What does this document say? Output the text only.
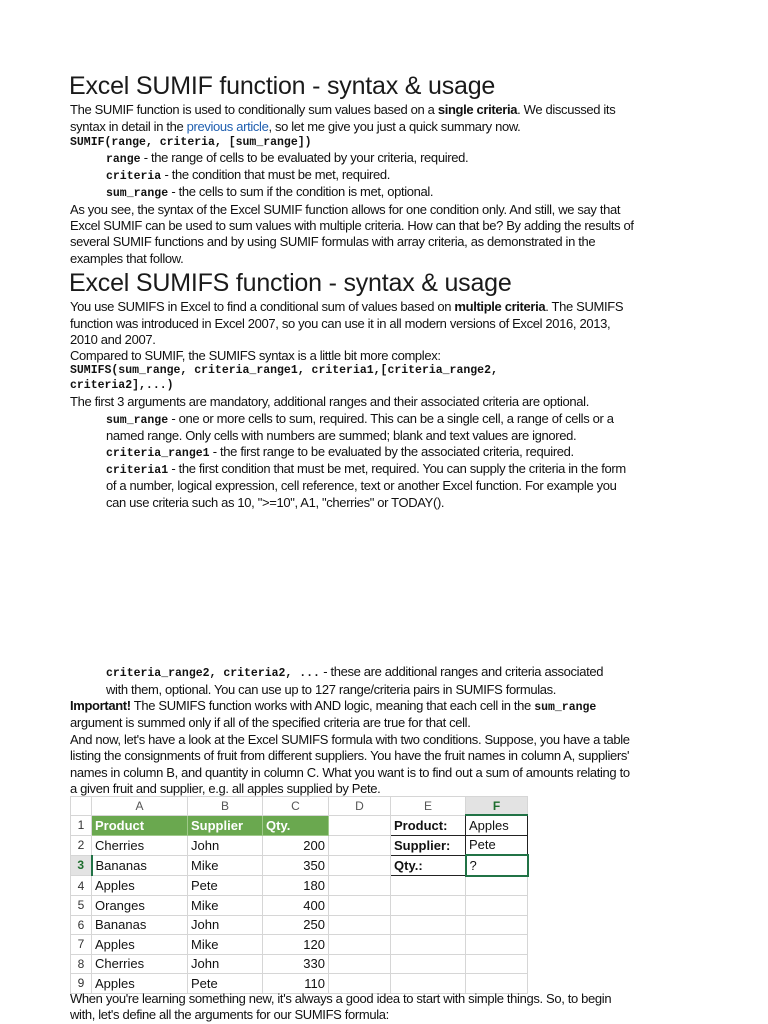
Excel SUMIF function - syntax & usage
The SUMIF function is used to conditionally sum values based on a single criteria. We discussed its
syntax in detail in the previous article, so let me give you just a quick summary now.
SUMIF(range, criteria, [sum_range])
range - the range of cells to be evaluated by your criteria, required.
criteria - the condition that must be met, required.
sum_range - the cells to sum if the condition is met, optional.
As you see, the syntax of the Excel SUMIF function allows for one condition only. And still, we say that
Excel SUMIF can be used to sum values with multiple criteria. How can that be? By adding the results of
several SUMIF functions and by using SUMIF formulas with array criteria, as demonstrated in the
examples that follow.
Excel SUMIFS function - syntax & usage
You use SUMIFS in Excel to find a conditional sum of values based on multiple criteria. The SUMIFS
function was introduced in Excel 2007, so you can use it in all modern versions of Excel 2016, 2013,
2010 and 2007.
Compared to SUMIF, the SUMIFS syntax is a little bit more complex:
SUMIFS(sum_range, criteria_range1, criteria1,[criteria_range2,
criteria2],...)
The first 3 arguments are mandatory, additional ranges and their associated criteria are optional.
sum_range - one or more cells to sum, required. This can be a single cell, a range of cells or a
named range. Only cells with numbers are summed; blank and text values are ignored.
criteria_range1 - the first range to be evaluated by the associated criteria, required.
criteria1 - the first condition that must be met, required. You can supply the criteria in the form
of a number, logical expression, cell reference, text or another Excel function. For example you
can use criteria such as 10, ">=10", A1, "cherries" or TODAY().
criteria_range2, criteria2, ... - these are additional ranges and criteria associated
with them, optional. You can use up to 127 range/criteria pairs in SUMIFS formulas.
Important! The SUMIFS function works with AND logic, meaning that each cell in the sum_range
argument is summed only if all of the specified criteria are true for that cell.
And now, let's have a look at the Excel SUMIFS formula with two conditions. Suppose, you have a table
listing the consignments of fruit from different suppliers. You have the fruit names in column A, suppliers'
names in column B, and quantity in column C. What you want is to find out a sum of amounts relating to
a given fruit and supplier, e.g. all apples supplied by Pete.
	A	B	C	D	E	F
1	Product	Supplier	Qty.		Product:	Apples
2	Cherries	John	200		Supplier:	Pete
3	Bananas	Mike	350		Qty.:	?
4	Apples	Pete	180			
5	Oranges	Mike	400			
6	Bananas	John	250			
7	Apples	Mike	120			
8	Cherries	John	330			
9	Apples	Pete	110			
When you're learning something new, it's always a good idea to start with simple things. So, to begin
with, let's define all the arguments for our SUMIFS formula:
